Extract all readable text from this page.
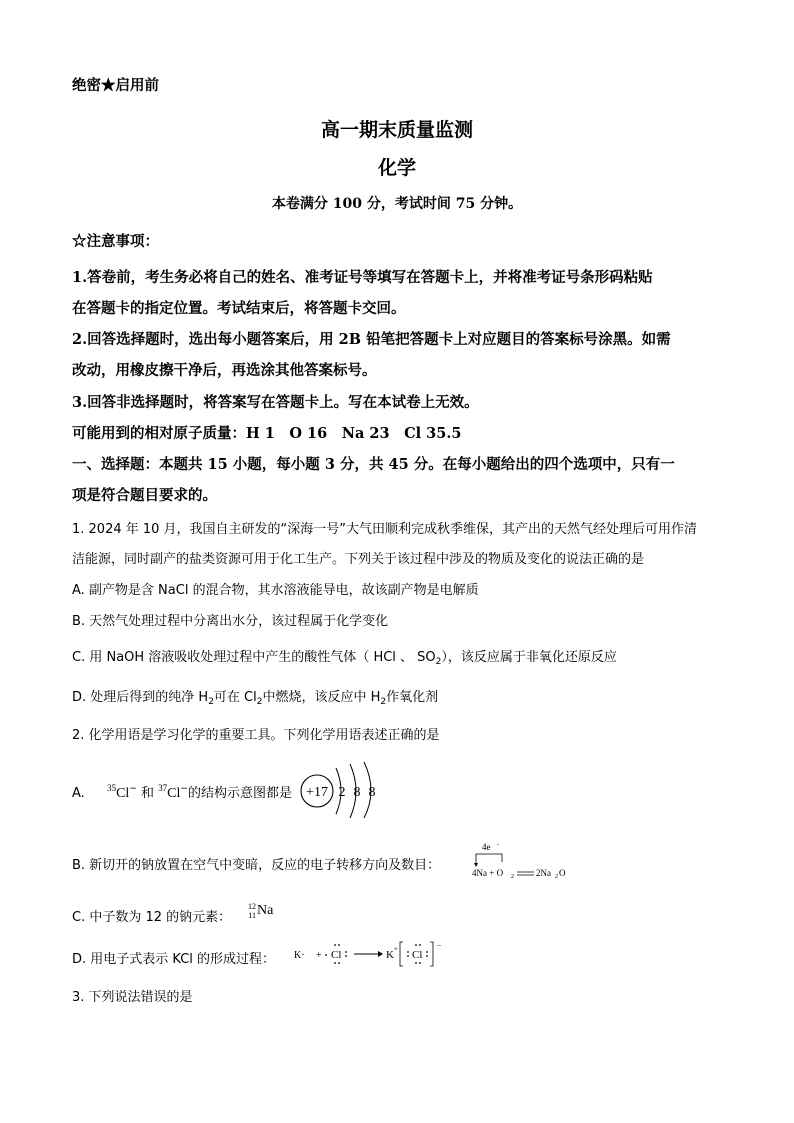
绝密★启用前
高一期末质量监测
化学
本卷满分 100 分，考试时间 75 分钟。
☆注意事项：
1.答卷前，考生务必将自己的姓名、准考证号等填写在答题卡上，并将准考证号条形码粘贴
在答题卡的指定位置。考试结束后，将答题卡交回。
2.回答选择题时，选出每小题答案后，用 2B 铅笔把答题卡上对应题目的答案标号涂黑。如需
改动，用橡皮擦干净后，再选涂其他答案标号。
3.回答非选择题时，将答案写在答题卡上。写在本试卷上无效。
可能用到的相对原子质量：H 1　O 16　Na 23　Cl 35.5
一、选择题：本题共 15 小题，每小题 3 分，共 45 分。在每小题给出的四个选项中，只有一
项是符合题目要求的。
1. 2024 年 10 月，我国自主研发的“深海一号”大气田顺利完成秋季维保，其产出的天然气经处理后可用作清
洁能源，同时副产的盐类资源可用于化工生产。下列关于该过程中涉及的物质及变化的说法正确的是
A. 副产物是含 NaCl 的混合物，其水溶液能导电，故该副产物是电解质
B. 天然气处理过程中分离出水分，该过程属于化学变化
C. 用 NaOH 溶液吸收处理过程中产生的酸性气体（ HCl 、 $SO_2$），该反应属于非氧化还原反应
D. 处理后得到的纯净 $H_2$可在 $Cl_2$中燃烧，该反应中 $H_2$作氧化剂
2. 化学用语是学习化学的重要工具。下列化学用语表述正确的是
A. $^{35}$Cl− 和 $^{37}$Cl−的结构示意图都是 +17 2 8 8
B. 新切开的钠放置在空气中变暗，反应的电子转移方向及数目：
4e -
4Na + O 2 2Na 2 O
C. 中子数为 12 的钠元素：
12
11 Na
D. 用电子式表示 KCl 的形成过程： K· + Cl	K + Cl
−
3. 下列说法错误的是
